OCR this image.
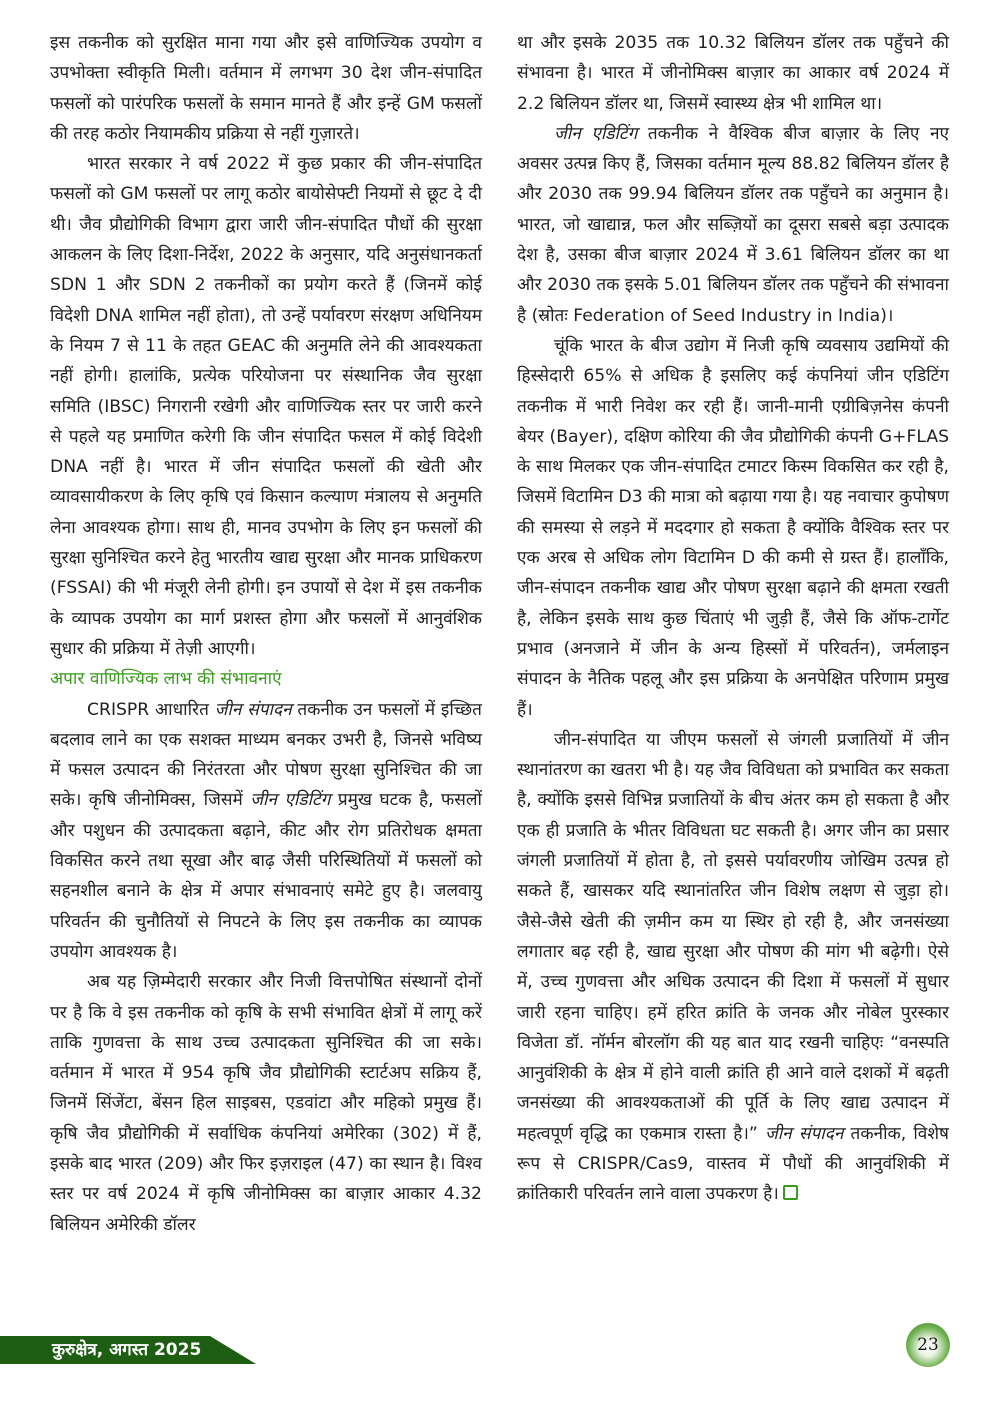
इस तकनीक को सुरक्षित माना गया और इसे वाणिज्यिक उपयोग व उपभोक्ता स्वीकृति मिली। वर्तमान में लगभग 30 देश जीन-संपादित फसलों को पारंपरिक फसलों के समान मानते हैं और इन्हें GM फसलों की तरह कठोर नियामकीय प्रक्रिया से नहीं गुज़ारते।

भारत सरकार ने वर्ष 2022 में कुछ प्रकार की जीन-संपादित फसलों को GM फसलों पर लागू कठोर बायोसेफ्टी नियमों से छूट दे दी थी। जैव प्रौद्योगिकी विभाग द्वारा जारी जीन-संपादित पौधों की सुरक्षा आकलन के लिए दिशा-निर्देश, 2022 के अनुसार, यदि अनुसंधानकर्ता SDN 1 और SDN 2 तकनीकों का प्रयोग करते हैं (जिनमें कोई विदेशी DNA शामिल नहीं होता), तो उन्हें पर्यावरण संरक्षण अधिनियम के नियम 7 से 11 के तहत GEAC की अनुमति लेने की आवश्यकता नहीं होगी। हालांकि, प्रत्येक परियोजना पर संस्थानिक जैव सुरक्षा समिति (IBSC) निगरानी रखेगी और वाणिज्यिक स्तर पर जारी करने से पहले यह प्रमाणित करेगी कि जीन संपादित फसल में कोई विदेशी DNA नहीं है। भारत में जीन संपादित फसलों की खेती और व्यावसायीकरण के लिए कृषि एवं किसान कल्याण मंत्रालय से अनुमति लेना आवश्यक होगा। साथ ही, मानव उपभोग के लिए इन फसलों की सुरक्षा सुनिश्चित करने हेतु भारतीय खाद्य सुरक्षा और मानक प्राधिकरण (FSSAI) की भी मंजूरी लेनी होगी। इन उपायों से देश में इस तकनीक के व्यापक उपयोग का मार्ग प्रशस्त होगा और फसलों में आनुवंशिक सुधार की प्रक्रिया में तेज़ी आएगी।

अपार वाणिज्यिक लाभ की संभावनाएं

CRISPR आधारित जीन संपादन तकनीक उन फसलों में इच्छित बदलाव लाने का एक सशक्त माध्यम बनकर उभरी है, जिनसे भविष्य में फसल उत्पादन की निरंतरता और पोषण सुरक्षा सुनिश्चित की जा सके। कृषि जीनोमिक्स, जिसमें जीन एडिटिंग प्रमुख घटक है, फसलों और पशुधन की उत्पादकता बढ़ाने, कीट और रोग प्रतिरोधक क्षमता विकसित करने तथा सूखा और बाढ़ जैसी परिस्थितियों में फसलों को सहनशील बनाने के क्षेत्र में अपार संभावनाएं समेटे हुए है। जलवायु परिवर्तन की चुनौतियों से निपटने के लिए इस तकनीक का व्यापक उपयोग आवश्यक है।

अब यह ज़िम्मेदारी सरकार और निजी वित्तपोषित संस्थानों दोनों पर है कि वे इस तकनीक को कृषि के सभी संभावित क्षेत्रों में लागू करें ताकि गुणवत्ता के साथ उच्च उत्पादकता सुनिश्चित की जा सके। वर्तमान में भारत में 954 कृषि जैव प्रौद्योगिकी स्टार्टअप सक्रिय हैं, जिनमें सिंजेंटा, बेंसन हिल साइबस, एडवांटा और महिको प्रमुख हैं। कृषि जैव प्रौद्योगिकी में सर्वाधिक कंपनियां अमेरिका (302) में हैं, इसके बाद भारत (209) और फिर इज़राइल (47) का स्थान है। विश्व स्तर पर वर्ष 2024 में कृषि जीनोमिक्स का बाज़ार आकार 4.32 बिलियन अमेरिकी डॉलर

था और इसके 2035 तक 10.32 बिलियन डॉलर तक पहुँचने की संभावना है। भारत में जीनोमिक्स बाज़ार का आकार वर्ष 2024 में 2.2 बिलियन डॉलर था, जिसमें स्वास्थ्य क्षेत्र भी शामिल था।

जीन एडिटिंग तकनीक ने वैश्विक बीज बाज़ार के लिए नए अवसर उत्पन्न किए हैं, जिसका वर्तमान मूल्य 88.82 बिलियन डॉलर है और 2030 तक 99.94 बिलियन डॉलर तक पहुँचने का अनुमान है। भारत, जो खाद्यान्न, फल और सब्ज़ियों का दूसरा सबसे बड़ा उत्पादक देश है, उसका बीज बाज़ार 2024 में 3.61 बिलियन डॉलर का था और 2030 तक इसके 5.01 बिलियन डॉलर तक पहुँचने की संभावना है (स्रोतः Federation of Seed Industry in India)।

चूंकि भारत के बीज उद्योग में निजी कृषि व्यवसाय उद्यमियों की हिस्सेदारी 65% से अधिक है इसलिए कई कंपनियां जीन एडिटिंग तकनीक में भारी निवेश कर रही हैं। जानी-मानी एग्रीबिज़नेस कंपनी बेयर (Bayer), दक्षिण कोरिया की जैव प्रौद्योगिकी कंपनी G+FLAS के साथ मिलकर एक जीन-संपादित टमाटर किस्म विकसित कर रही है, जिसमें विटामिन D3 की मात्रा को बढ़ाया गया है। यह नवाचार कुपोषण की समस्या से लड़ने में मददगार हो सकता है क्योंकि वैश्विक स्तर पर एक अरब से अधिक लोग विटामिन D की कमी से ग्रस्त हैं। हालाँकि, जीन-संपादन तकनीक खाद्य और पोषण सुरक्षा बढ़ाने की क्षमता रखती है, लेकिन इसके साथ कुछ चिंताएं भी जुड़ी हैं, जैसे कि ऑफ-टार्गेट प्रभाव (अनजाने में जीन के अन्य हिस्सों में परिवर्तन), जर्मलाइन संपादन के नैतिक पहलू और इस प्रक्रिया के अनपेक्षित परिणाम प्रमुख हैं।

जीन-संपादित या जीएम फसलों से जंगली प्रजातियों में जीन स्थानांतरण का खतरा भी है। यह जैव विविधता को प्रभावित कर सकता है, क्योंकि इससे विभिन्न प्रजातियों के बीच अंतर कम हो सकता है और एक ही प्रजाति के भीतर विविधता घट सकती है। अगर जीन का प्रसार जंगली प्रजातियों में होता है, तो इससे पर्यावरणीय जोखिम उत्पन्न हो सकते हैं, खासकर यदि स्थानांतरित जीन विशेष लक्षण से जुड़ा हो। जैसे-जैसे खेती की ज़मीन कम या स्थिर हो रही है, और जनसंख्या लगातार बढ़ रही है, खाद्य सुरक्षा और पोषण की मांग भी बढ़ेगी। ऐसे में, उच्च गुणवत्ता और अधिक उत्पादन की दिशा में फसलों में सुधार जारी रहना चाहिए। हमें हरित क्रांति के जनक और नोबेल पुरस्कार विजेता डॉ. नॉर्मन बोरलॉग की यह बात याद रखनी चाहिएः “वनस्पति आनुवंशिकी के क्षेत्र में होने वाली क्रांति ही आने वाले दशकों में बढ़ती जनसंख्या की आवश्यकताओं की पूर्ति के लिए खाद्य उत्पादन में महत्वपूर्ण वृद्धि का एकमात्र रास्ता है।” जीन संपादन तकनीक, विशेष रूप से CRISPR/Cas9, वास्तव में पौधों की आनुवंशिकी में क्रांतिकारी परिवर्तन लाने वाला उपकरण है।

कुरुक्षेत्र, अगस्त 2025	23
